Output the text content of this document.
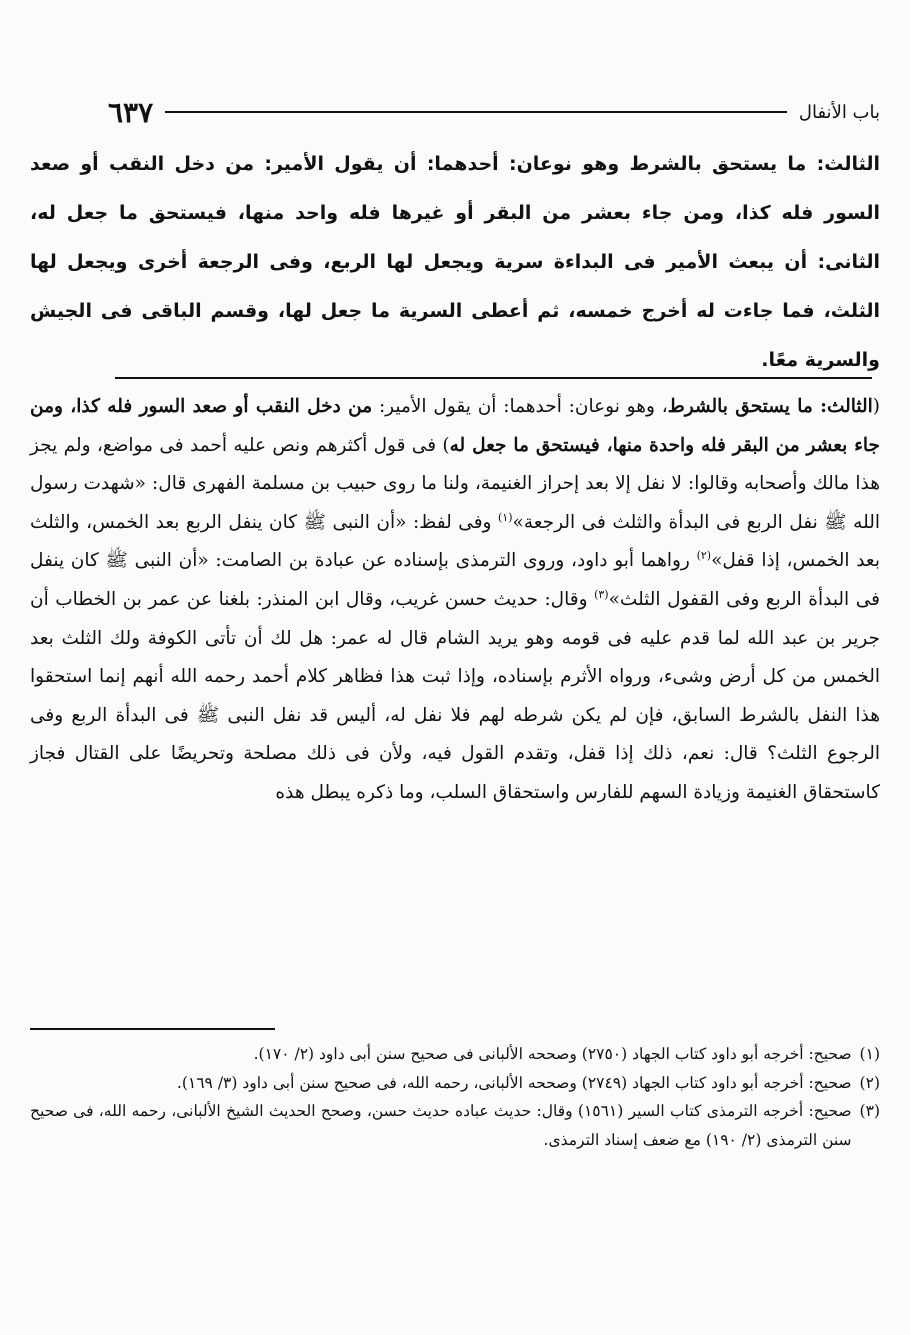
باب الأنفال
٦٣٧

الثالث: ما يستحق بالشرط وهو نوعان: أحدهما: أن يقول الأمير: من دخل النقب أو صعد السور فله كذا، ومن جاء بعشر من البقر أو غيرها فله واحد منها، فيستحق ما جعل له، الثانى: أن يبعث الأمير فى البداءة سرية ويجعل لها الربع، وفى الرجعة أخرى ويجعل لها الثلث، فما جاءت له أخرج خمسه، ثم أعطى السرية ما جعل لها، وقسم الباقى فى الجيش والسرية معًا.

(الثالث: ما يستحق بالشرط، وهو نوعان: أحدهما: أن يقول الأمير: من دخل النقب أو صعد السور فله كذا، ومن جاء بعشر من البقر فله واحدة منها، فيستحق ما جعل له) فى قول أكثرهم ونص عليه أحمد فى مواضع، ولم يجز هذا مالك وأصحابه وقالوا: لا نفل إلا بعد إحراز الغنيمة، ولنا ما روى حبيب بن مسلمة الفهرى قال: «شهدت رسول الله ﷺ نفل الربع فى البدأة والثلث فى الرجعة»$^{(١)}$ وفى لفظ: «أن النبى ﷺ كان ينفل الربع بعد الخمس، والثلث بعد الخمس، إذا قفل»$^{(٢)}$ رواهما أبو داود، وروى الترمذى بإسناده عن عبادة بن الصامت: «أن النبى ﷺ كان ينفل فى البدأة الربع وفى القفول الثلث»$^{(٣)}$ وقال: حديث حسن غريب، وقال ابن المنذر: بلغنا عن عمر بن الخطاب أن جرير بن عبد الله لما قدم عليه فى قومه وهو يريد الشام قال له عمر: هل لك أن تأتى الكوفة ولك الثلث بعد الخمس من كل أرض وشىء، ورواه الأثرم بإسناده، وإذا ثبت هذا فظاهر كلام أحمد رحمه الله أنهم إنما استحقوا هذا النفل بالشرط السابق، فإن لم يكن شرطه لهم فلا نفل له، أليس قد نفل النبى ﷺ فى البدأة الربع وفى الرجوع الثلث؟ قال: نعم، ذلك إذا قفل، وتقدم القول فيه، ولأن فى ذلك مصلحة وتحريضًا على القتال فجاز كاستحقاق الغنيمة وزيادة السهم للفارس واستحقاق السلب، وما ذكره يبطل هذه

(١)
صحيح: أخرجه أبو داود كتاب الجهاد (٢٧٥٠) وصححه الألبانى فى صحيح سنن أبى داود (٢/ ١٧٠).
(٢)
صحيح: أخرجه أبو داود كتاب الجهاد (٢٧٤٩) وصححه الألبانى، رحمه الله، فى صحيح سنن أبى داود (٣/ ١٦٩).
(٣)
صحيح: أخرجه الترمذى كتاب السير (١٥٦١) وقال: حديث عباده حديث حسن، وصحح الحديث الشيخ الألبانى، رحمه الله، فى صحيح سنن الترمذى (٢/ ١٩٠) مع ضعف إسناد الترمذى.
